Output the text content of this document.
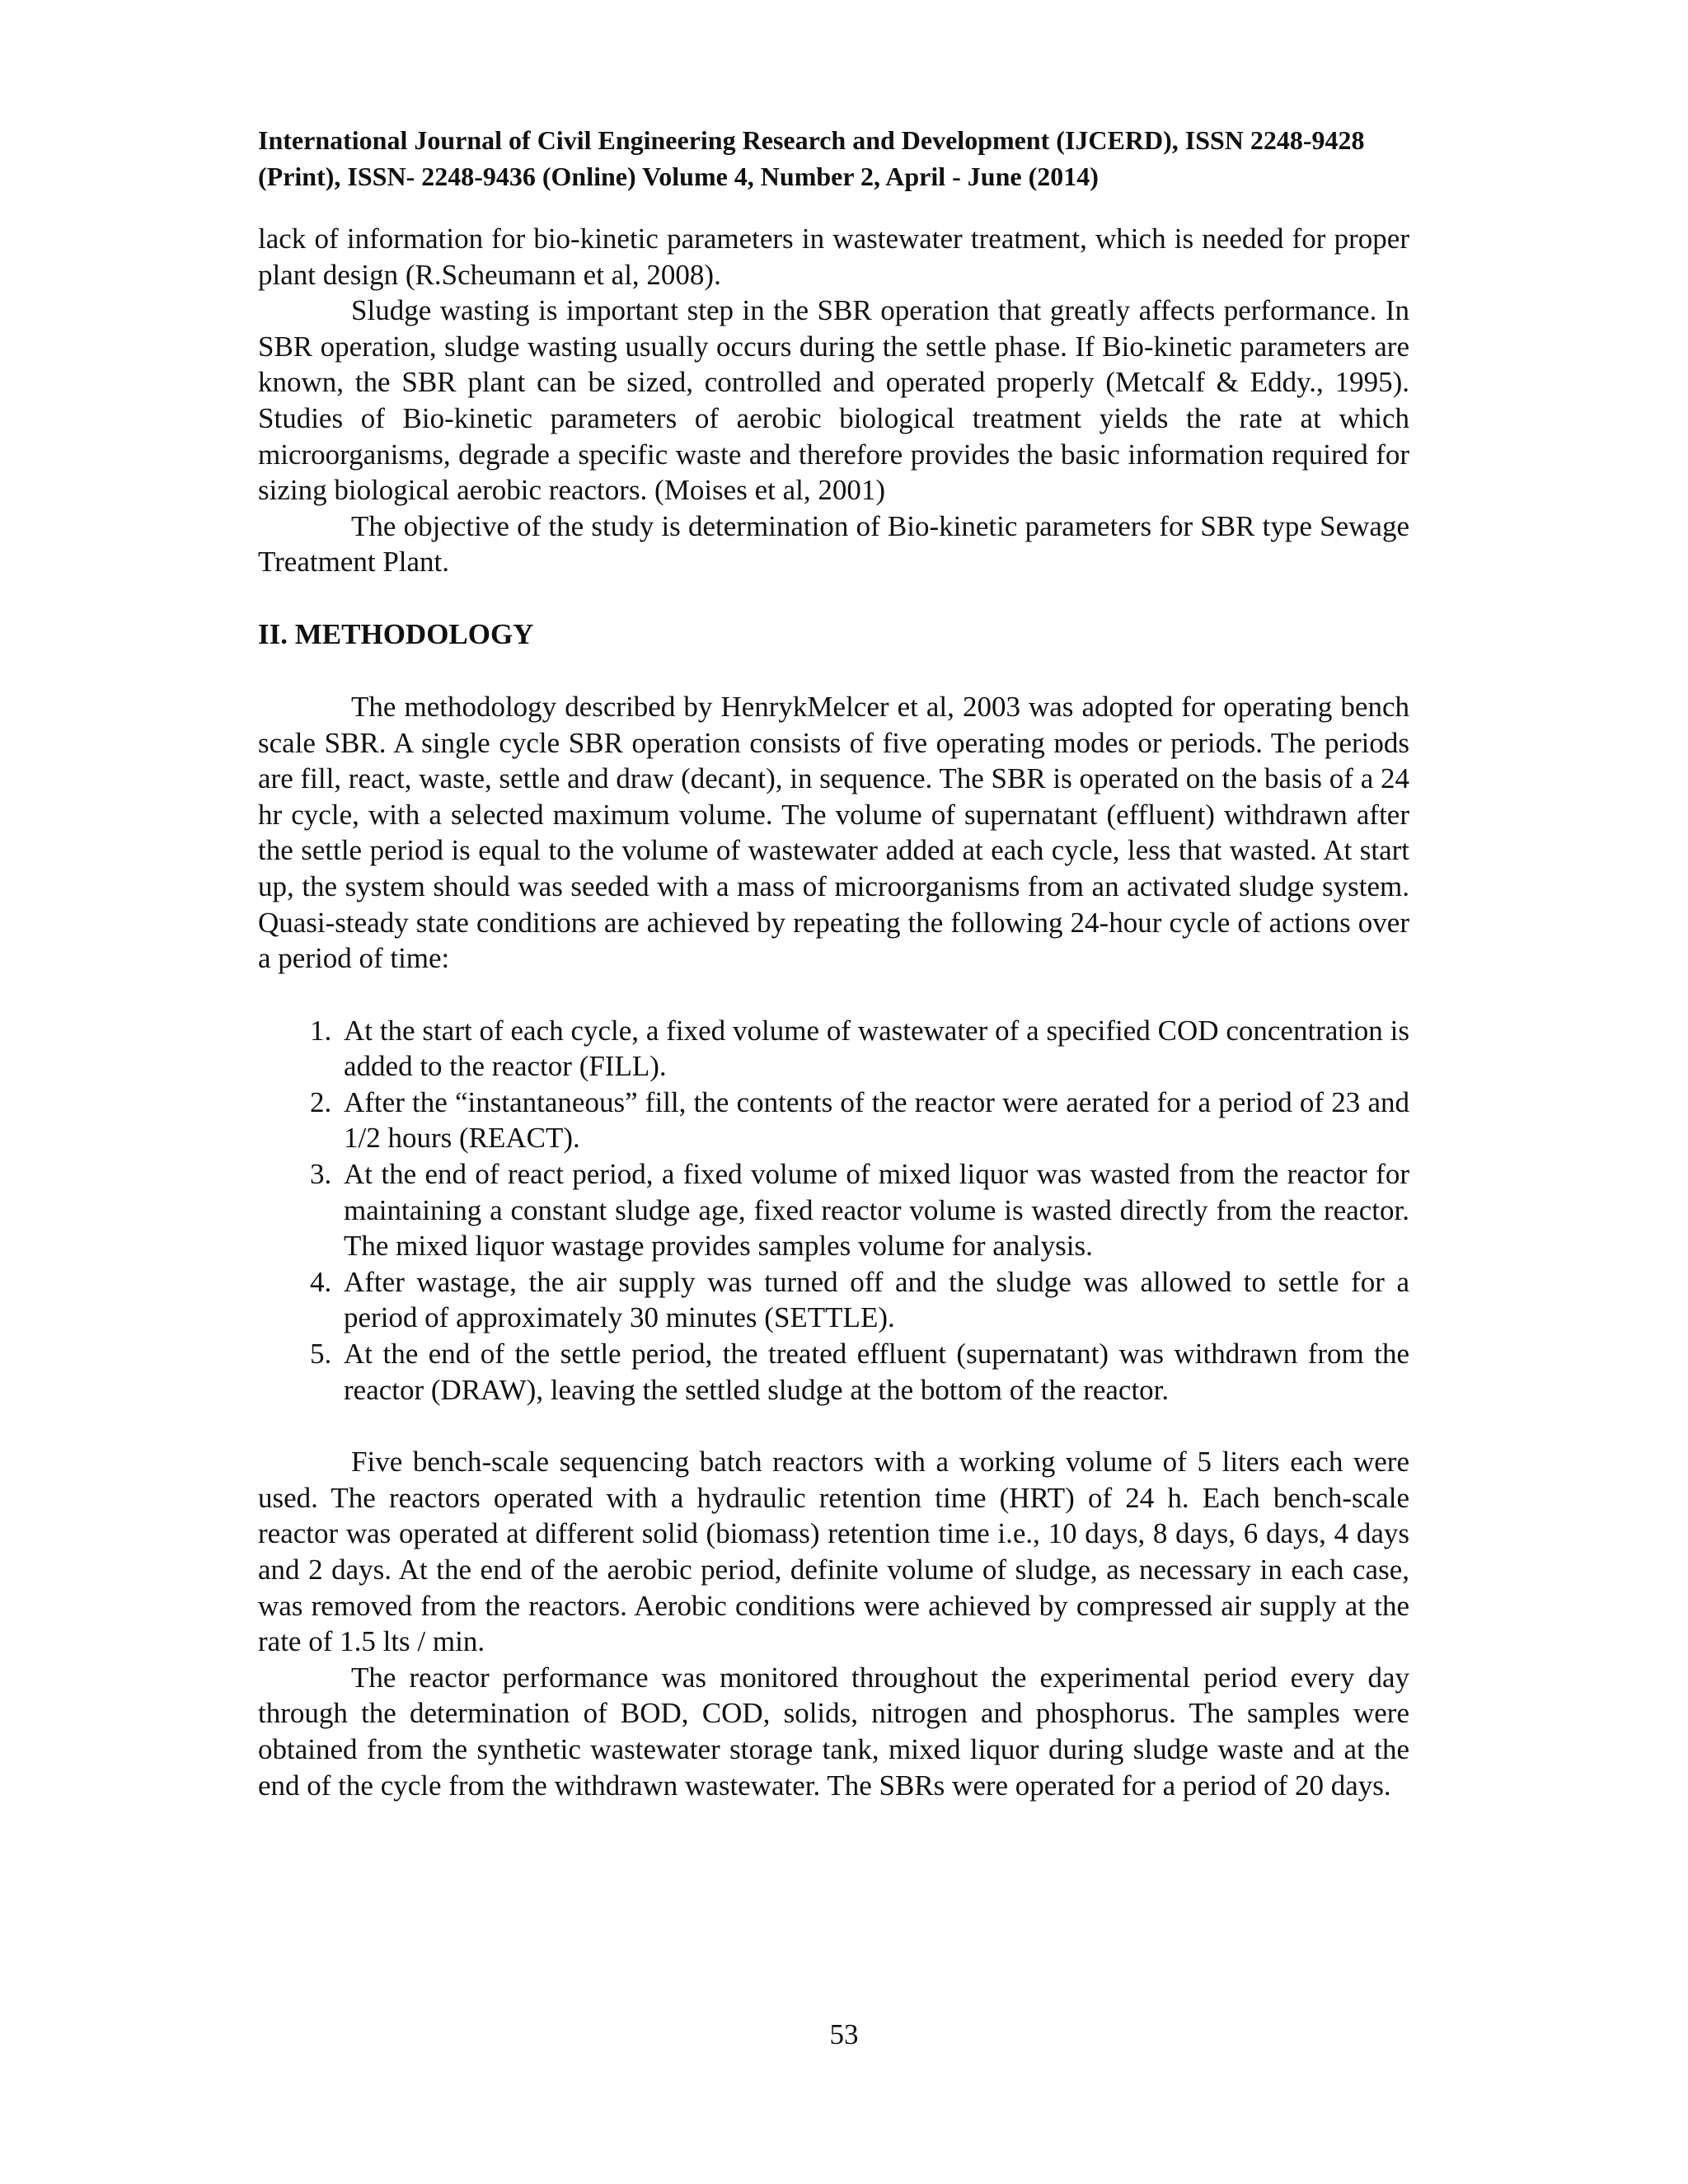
International Journal of Civil Engineering Research and Development (IJCERD), ISSN 2248-9428 (Print), ISSN- 2248-9436 (Online) Volume 4, Number 2, April - June (2014)

lack of information for bio-kinetic parameters in wastewater treatment, which is needed for proper plant design (R.Scheumann et al, 2008).

Sludge wasting is important step in the SBR operation that greatly affects performance. In SBR operation, sludge wasting usually occurs during the settle phase. If Bio-kinetic parameters are known, the SBR plant can be sized, controlled and operated properly (Metcalf & Eddy., 1995). Studies of Bio-kinetic parameters of aerobic biological treatment yields the rate at which microorganisms, degrade a specific waste and therefore provides the basic information required for sizing biological aerobic reactors. (Moises et al, 2001)

The objective of the study is determination of Bio-kinetic parameters for SBR type Sewage Treatment Plant.

II. METHODOLOGY

The methodology described by HenrykMelcer et al, 2003 was adopted for operating bench scale SBR. A single cycle SBR operation consists of five operating modes or periods. The periods are fill, react, waste, settle and draw (decant), in sequence. The SBR is operated on the basis of a 24 hr cycle, with a selected maximum volume. The volume of supernatant (effluent) withdrawn after the settle period is equal to the volume of wastewater added at each cycle, less that wasted. At start up, the system should was seeded with a mass of microorganisms from an activated sludge system. Quasi-steady state conditions are achieved by repeating the following 24-hour cycle of actions over a period of time:

1. At the start of each cycle, a fixed volume of wastewater of a specified COD concentration is added to the reactor (FILL).
2. After the “instantaneous” fill, the contents of the reactor were aerated for a period of 23 and 1/2 hours (REACT).
3. At the end of react period, a fixed volume of mixed liquor was wasted from the reactor for maintaining a constant sludge age, fixed reactor volume is wasted directly from the reactor. The mixed liquor wastage provides samples volume for analysis.
4. After wastage, the air supply was turned off and the sludge was allowed to settle for a period of approximately 30 minutes (SETTLE).
5. At the end of the settle period, the treated effluent (supernatant) was withdrawn from the reactor (DRAW), leaving the settled sludge at the bottom of the reactor.

Five bench-scale sequencing batch reactors with a working volume of 5 liters each were used. The reactors operated with a hydraulic retention time (HRT) of 24 h. Each bench-scale reactor was operated at different solid (biomass) retention time i.e., 10 days, 8 days, 6 days, 4 days and 2 days. At the end of the aerobic period, definite volume of sludge, as necessary in each case, was removed from the reactors. Aerobic conditions were achieved by compressed air supply at the rate of 1.5 lts / min.

The reactor performance was monitored throughout the experimental period every day through the determination of BOD, COD, solids, nitrogen and phosphorus. The samples were obtained from the synthetic wastewater storage tank, mixed liquor during sludge waste and at the end of the cycle from the withdrawn wastewater. The SBRs were operated for a period of 20 days.

53
